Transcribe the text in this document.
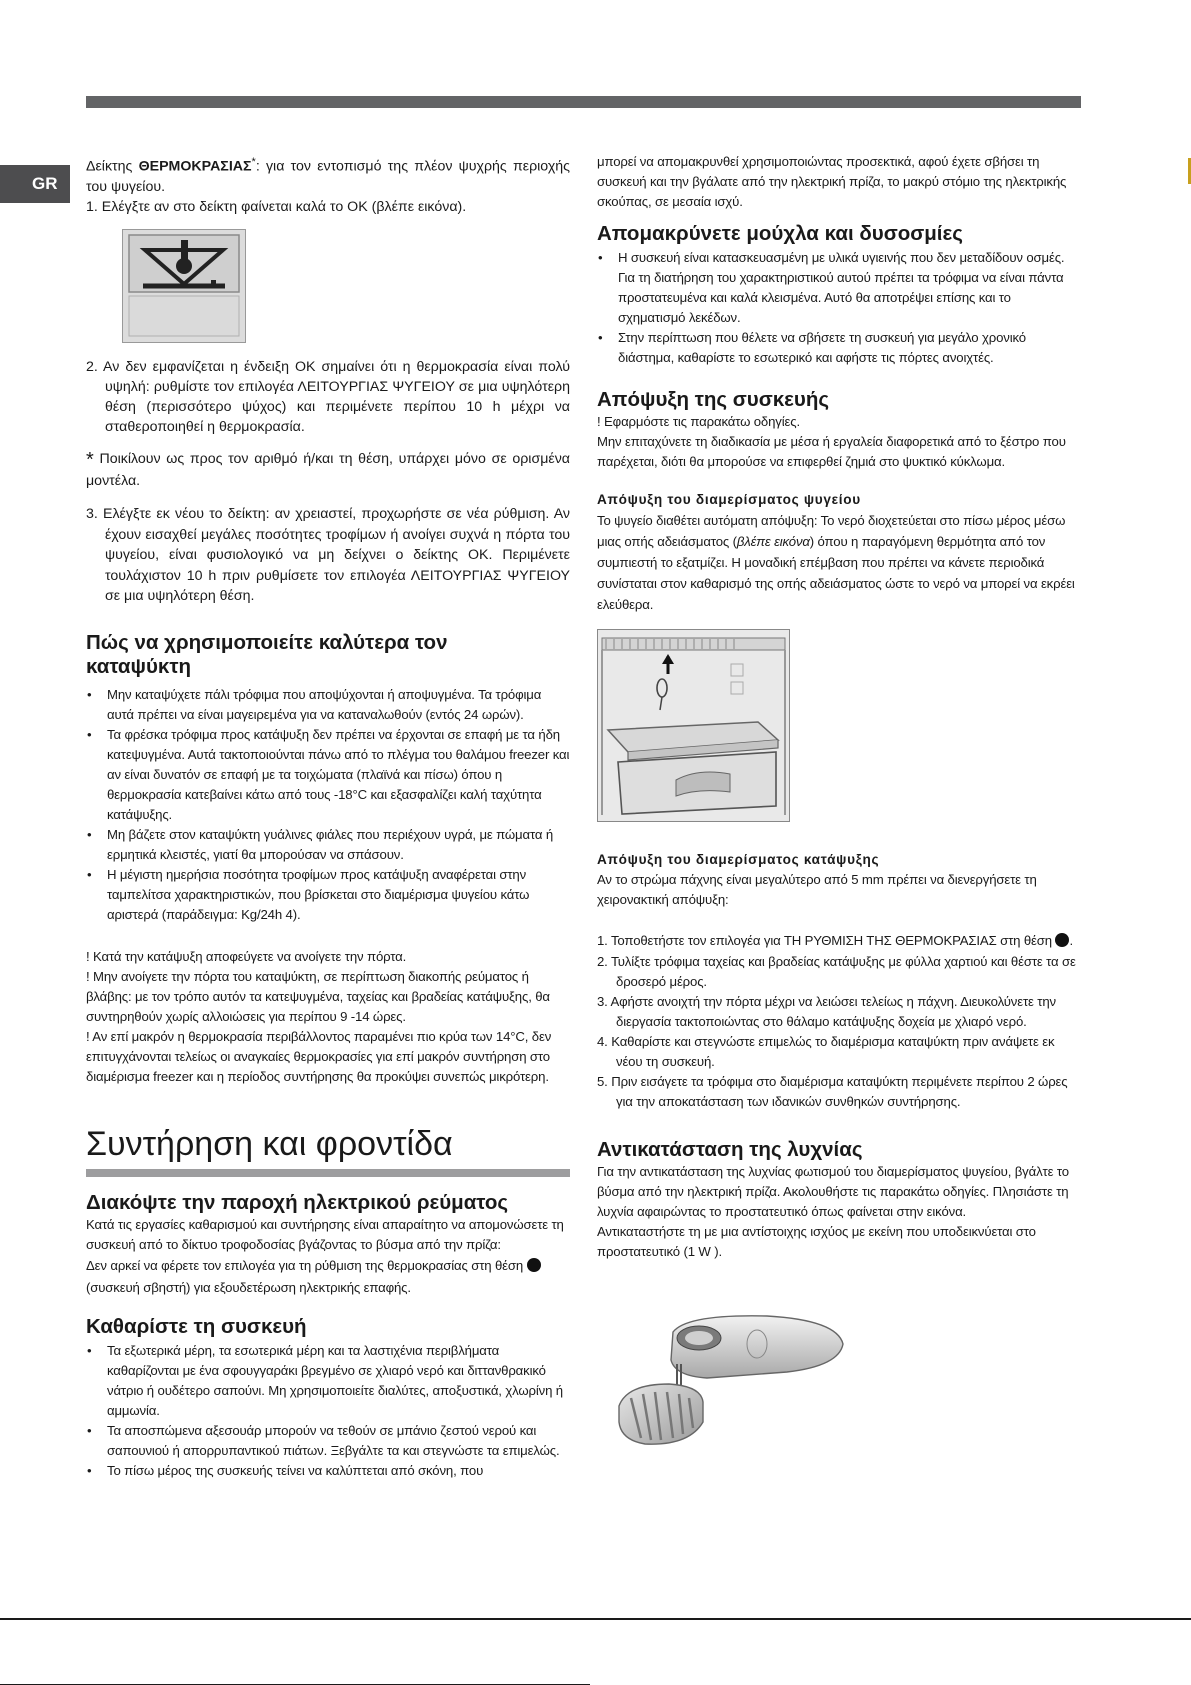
GR

Δείκτης ΘΕΡΜΟΚΡΑΣΙΑΣ*: για τον εντοπισμό της πλέον ψυχρής περιοχής του ψυγείου.

1. Ελέγξτε αν στο δείκτη φαίνεται καλά το ΟΚ (βλέπε εικόνα).
2. Αν δεν εμφανίζεται η ένδειξη ΟΚ σημαίνει ότι η θερμοκρασία είναι πολύ υψηλή: ρυθμίστε τον επιλογέα ΛΕΙΤΟΥΡΓΙΑΣ ΨΥΓΕΙΟΥ σε μια υψηλότερη θέση (περισσότερο ψύχος) και περιμένετε περίπου 10 h μέχρι να σταθεροποιηθεί η θερμοκρασία.

* Ποικίλουν ως προς τον αριθμό ή/και τη θέση, υπάρχει μόνο σε ορισμένα μοντέλα.

3. Ελέγξτε εκ νέου το δείκτη: αν χρειαστεί, προχωρήστε σε νέα ρύθμιση. Αν έχουν εισαχθεί μεγάλες ποσότητες τροφίμων ή ανοίγει συχνά η πόρτα του ψυγείου, είναι φυσιολογικό να μη δείχνει ο δείκτης ΟΚ. Περιμένετε τουλάχιστον 10 h πριν ρυθμίσετε τον επιλογέα ΛΕΙΤΟΥΡΓΙΑΣ ΨΥΓΕΙΟΥ σε μια υψηλότερη θέση.
Πώς να χρησιμοποιείτε καλύτερα τον καταψύκτη
• Μην καταψύχετε πάλι τρόφιμα που αποψύχονται ή αποψυγμένα. Τα τρόφιμα αυτά πρέπει να είναι μαγειρεμένα για να καταναλωθούν (εντός 24 ωρών).
• Τα φρέσκα τρόφιμα προς κατάψυξη δεν πρέπει να έρχονται σε επαφή με τα ήδη κατεψυγμένα. Αυτά τακτοποιούνται πάνω από το πλέγμα του θαλάμου freezer και αν είναι δυνατόν σε επαφή με τα τοιχώματα (πλαϊνά και πίσω) όπου η θερμοκρασία κατεβαίνει κάτω από τους -18°C και εξασφαλίζει καλή ταχύτητα κατάψυξης.
• Μη βάζετε στον καταψύκτη γυάλινες φιάλες που περιέχουν υγρά, με πώματα ή ερμητικά κλειστές, γιατί θα μπορούσαν να σπάσουν.
• Η μέγιστη ημερήσια ποσότητα τροφίμων προς κατάψυξη αναφέρεται στην ταμπελίτσα χαρακτηριστικών, που βρίσκεται στο διαμέρισμα ψυγείου κάτω αριστερά (παράδειγμα: Kg/24h 4).

! Κατά την κατάψυξη αποφεύγετε να ανοίγετε την πόρτα.

! Μην ανοίγετε την πόρτα του καταψύκτη, σε περίπτωση διακοπής ρεύματος ή βλάβης: με τον τρόπο αυτόν τα κατεψυγμένα, ταχείας και βραδείας κατάψυξης, θα συντηρηθούν χωρίς αλλοιώσεις για περίπου 9 -14 ώρες.

! Αν επί μακρόν η θερμοκρασία περιβάλλοντος παραμένει πιο κρύα των 14°C, δεν επιτυγχάνονται τελείως οι αναγκαίες θερμοκρασίες για επί μακρόν συντήρηση στο διαμέρισμα freezer και η περίοδος συντήρησης θα προκύψει συνεπώς μικρότερη.

Συντήρηση και φροντίδα
Διακόψτε την παροχή ηλεκτρικού ρεύματος

Κατά τις εργασίες καθαρισμού και συντήρησης είναι απαραίτητο να απομονώσετε τη συσκευή από το δίκτυο τροφοδοσίας βγάζοντας το βύσμα από την πρίζα:

Δεν αρκεί να φέρετε τον επιλογέα για τη ρύθμιση της θερμοκρασίας στη θέση (συσκευή σβηστή) για εξουδετέρωση ηλεκτρικής επαφής.

Καθαρίστε τη συσκευή
• Τα εξωτερικά μέρη, τα εσωτερικά μέρη και τα λαστιχένια περιβλήματα καθαρίζονται με ένα σφουγγαράκι βρεγμένο σε χλιαρό νερό και διττανθρακικό νάτριο ή ουδέτερο σαπούνι. Μη χρησιμοποιείτε διαλύτες, αποξυστικά, χλωρίνη ή αμμωνία.
• Τα αποσπώμενα αξεσουάρ μπορούν να τεθούν σε μπάνιο ζεστού νερού και σαπουνιού ή απορρυπαντικού πιάτων. Ξεβγάλτε τα και στεγνώστε τα επιμελώς.
• Το πίσω μέρος της συσκευής τείνει να καλύπτεται από σκόνη, που

μπορεί να απομακρυνθεί χρησιμοποιώντας προσεκτικά, αφού έχετε σβήσει τη συσκευή και την βγάλατε από την ηλεκτρική πρίζα, το μακρύ στόμιο της ηλεκτρικής σκούπας, σε μεσαία ισχύ.

Απομακρύνετε μούχλα και δυσοσμίες
• Η συσκευή είναι κατασκευασμένη με υλικά υγιεινής που δεν μεταδίδουν οσμές. Για τη διατήρηση του χαρακτηριστικού αυτού πρέπει τα τρόφιμα να είναι πάντα προστατευμένα και καλά κλεισμένα. Αυτό θα αποτρέψει επίσης και το σχηματισμό λεκέδων.
• Στην περίπτωση που θέλετε να σβήσετε τη συσκευή για μεγάλο χρονικό διάστημα, καθαρίστε το εσωτερικό και αφήστε τις πόρτες ανοιχτές.
Απόψυξη της συσκευής

! Εφαρμόστε τις παρακάτω οδηγίες.

Μην επιταχύνετε τη διαδικασία με μέσα ή εργαλεία διαφορετικά από το ξέστρο που παρέχεται, διότι θα μπορούσε να επιφερθεί ζημιά στο ψυκτικό κύκλωμα.

Απόψυξη του διαμερίσματος ψυγείου

Το ψυγείο διαθέτει αυτόματη απόψυξη: Το νερό διοχετεύεται στο πίσω μέρος μέσω μιας οπής αδειάσματος (βλέπε εικόνα) όπου η παραγόμενη θερμότητα από τον συμπιεστή το εξατμίζει. Η μοναδική επέμβαση που πρέπει να κάνετε περιοδικά συνίσταται στον καθαρισμό της οπής αδειάσματος ώστε το νερό να μπορεί να εκρέει ελεύθερα.

Απόψυξη του διαμερίσματος κατάψυξης

Αν το στρώμα πάχνης είναι μεγαλύτερο από 5 mm πρέπει να διενεργήσετε τη χειρονακτική απόψυξη:

1. Τοποθετήστε τον επιλογέα για ΤΗ ΡΥΘΜΙΣΗ ΤΗΣ ΘΕΡΜΟΚΡΑΣΙΑΣ στη θέση .
2. Τυλίξτε τρόφιμα ταχείας και βραδείας κατάψυξης με φύλλα χαρτιού και θέστε τα σε δροσερό μέρος.
3. Αφήστε ανοιχτή την πόρτα μέχρι να λειώσει τελείως η πάχνη. Διευκολύνετε την διεργασία τακτοποιώντας στο θάλαμο κατάψυξης δοχεία με χλιαρό νερό.
4. Καθαρίστε και στεγνώστε επιμελώς το διαμέρισμα καταψύκτη πριν ανάψετε εκ νέου τη συσκευή.
5. Πριν εισάγετε τα τρόφιμα στο διαμέρισμα καταψύκτη περιμένετε περίπου 2 ώρες για την αποκατάσταση των ιδανικών συνθηκών συντήρησης.
Αντικατάσταση της λυχνίας

Για την αντικατάσταση της λυχνίας φωτισμού του διαμερίσματος ψυγείου, βγάλτε το βύσμα από την ηλεκτρική πρίζα. Ακολουθήστε τις παρακάτω οδηγίες. Πλησιάστε τη λυχνία αφαιρώντας το προστατευτικό όπως φαίνεται στην εικόνα.

Αντικαταστήστε τη με μια αντίστοιχης ισχύος με εκείνη που υποδεικνύεται στο προστατευτικό (1 W ).
